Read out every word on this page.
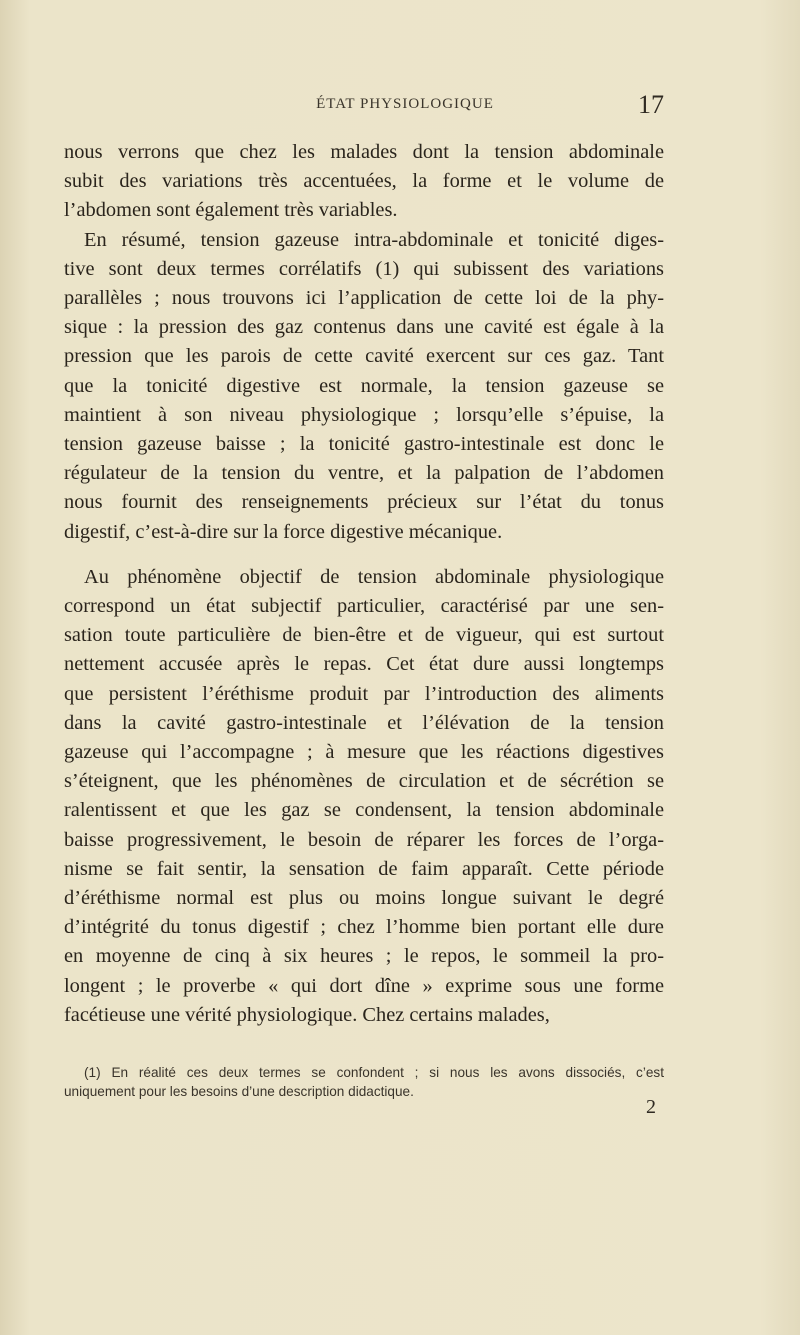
ÉTAT PHYSIOLOGIQUE	17
nous verrons que chez les malades dont la tension abdominale
subit des variations très accentuées, la forme et le volume de
l’abdomen sont également très variables.
En résumé, tension gazeuse intra-abdominale et tonicité diges-
tive sont deux termes corrélatifs (1) qui subissent des variations
parallèles ; nous trouvons ici l’application de cette loi de la phy-
sique : la pression des gaz contenus dans une cavité est égale à la
pression que les parois de cette cavité exercent sur ces gaz. Tant
que la tonicité digestive est normale, la tension gazeuse se
maintient à son niveau physiologique ; lorsqu’elle s’épuise, la
tension gazeuse baisse ; la tonicité gastro-intestinale est donc le
régulateur de la tension du ventre, et la palpation de l’abdomen
nous fournit des renseignements précieux sur l’état du tonus
digestif, c’est-à-dire sur la force digestive mécanique.
Au phénomène objectif de tension abdominale physiologique
correspond un état subjectif particulier, caractérisé par une sen-
sation toute particulière de bien-être et de vigueur, qui est surtout
nettement accusée après le repas. Cet état dure aussi longtemps
que persistent l’éréthisme produit par l’introduction des aliments
dans la cavité gastro-intestinale et l’élévation de la tension
gazeuse qui l’accompagne ; à mesure que les réactions digestives
s’éteignent, que les phénomènes de circulation et de sécrétion se
ralentissent et que les gaz se condensent, la tension abdominale
baisse progressivement, le besoin de réparer les forces de l’orga-
nisme se fait sentir, la sensation de faim apparaît. Cette période
d’éréthisme normal est plus ou moins longue suivant le degré
d’intégrité du tonus digestif ; chez l’homme bien portant elle dure
en moyenne de cinq à six heures ; le repos, le sommeil la pro-
longent ; le proverbe « qui dort dîne » exprime sous une forme
facétieuse une vérité physiologique. Chez certains malades,
(1) En réalité ces deux termes se confondent ; si nous les avons dissociés, c’est
uniquement pour les besoins d’une description didactique.
2
